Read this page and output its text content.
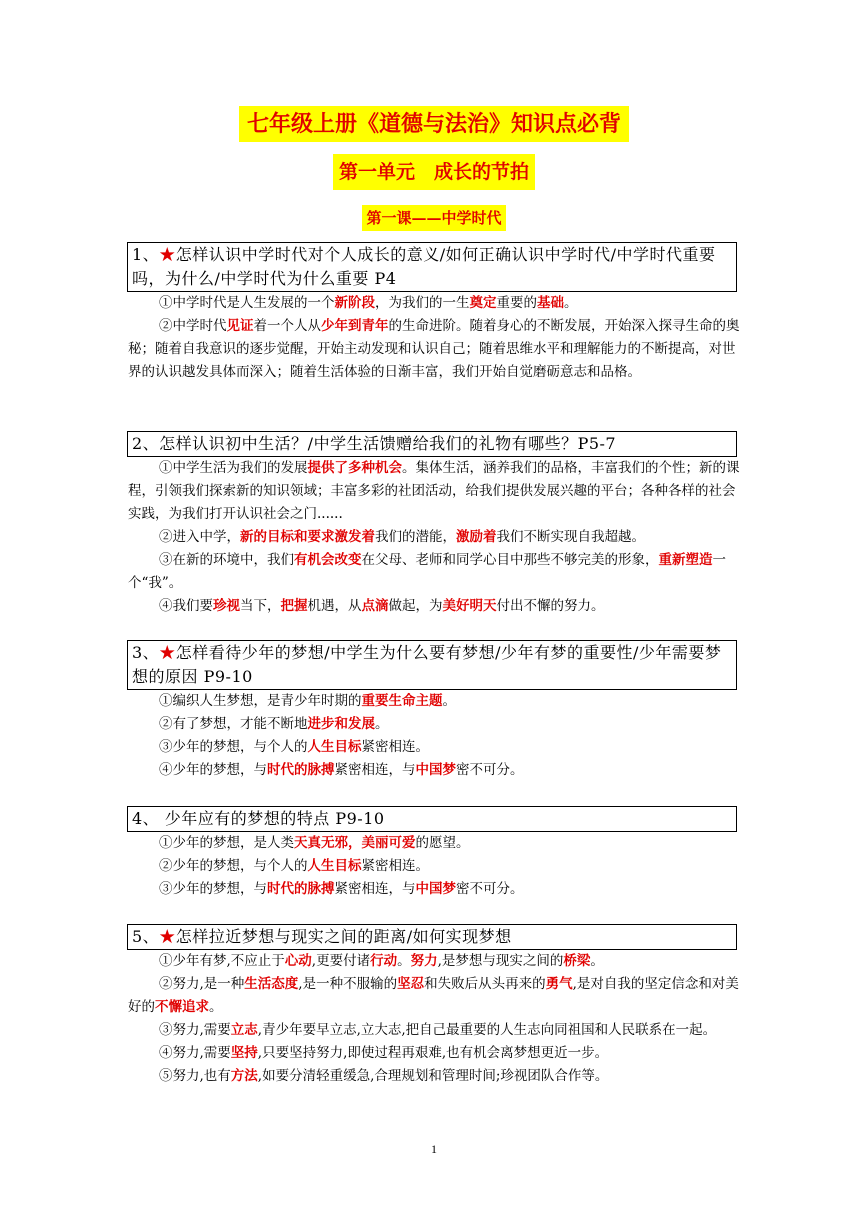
七年级上册《道德与法治》知识点必背
第一单元　成长的节拍
第一课——中学时代
1、★怎样认识中学时代对个人成长的意义/如何正确认识中学时代/中学时代重要吗，为什么/中学时代为什么重要 P4
①中学时代是人生发展的一个新阶段，为我们的一生奠定重要的基础。
②中学时代见证着一个人从少年到青年的生命进阶。随着身心的不断发展，开始深入探寻生命的奥秘；随着自我意识的逐步觉醒，开始主动发现和认识自己；随着思维水平和理解能力的不断提高，对世界的认识越发具体而深入；随着生活体验的日渐丰富，我们开始自觉磨砺意志和品格。
2、怎样认识初中生活？/中学生活馈赠给我们的礼物有哪些？P5-7
①中学生活为我们的发展提供了多种机会。集体生活，涵养我们的品格，丰富我们的个性；新的课程，引领我们探索新的知识领域；丰富多彩的社团活动，给我们提供发展兴趣的平台；各种各样的社会实践，为我们打开认识社会之门......
②进入中学，新的目标和要求激发着我们的潜能，激励着我们不断实现自我超越。
③在新的环境中，我们有机会改变在父母、老师和同学心目中那些不够完美的形象，重新塑造一个“我”。
④我们要珍视当下，把握机遇，从点滴做起，为美好明天付出不懈的努力。
3、★怎样看待少年的梦想/中学生为什么要有梦想/少年有梦的重要性/少年需要梦想的原因 P9-10
①编织人生梦想，是青少年时期的重要生命主题。
②有了梦想，才能不断地进步和发展。
③少年的梦想，与个人的人生目标紧密相连。
④少年的梦想，与时代的脉搏紧密相连，与中国梦密不可分。
4、 少年应有的梦想的特点 P9-10
①少年的梦想，是人类天真无邪，美丽可爱的愿望。
②少年的梦想，与个人的人生目标紧密相连。
③少年的梦想，与时代的脉搏紧密相连，与中国梦密不可分。
5、★怎样拉近梦想与现实之间的距离/如何实现梦想
①少年有梦,不应止于心动,更要付诸行动。努力,是梦想与现实之间的桥梁。
②努力,是一种生活态度,是一种不服输的坚忍和失败后从头再来的勇气,是对自我的坚定信念和对美好的不懈追求。
③努力,需要立志,青少年要早立志,立大志,把自己最重要的人生志向同祖国和人民联系在一起。
④努力,需要坚持,只要坚持努力,即使过程再艰难,也有机会离梦想更近一步。
⑤努力,也有方法,如要分清轻重缓急,合理规划和管理时间;珍视团队合作等。
1
